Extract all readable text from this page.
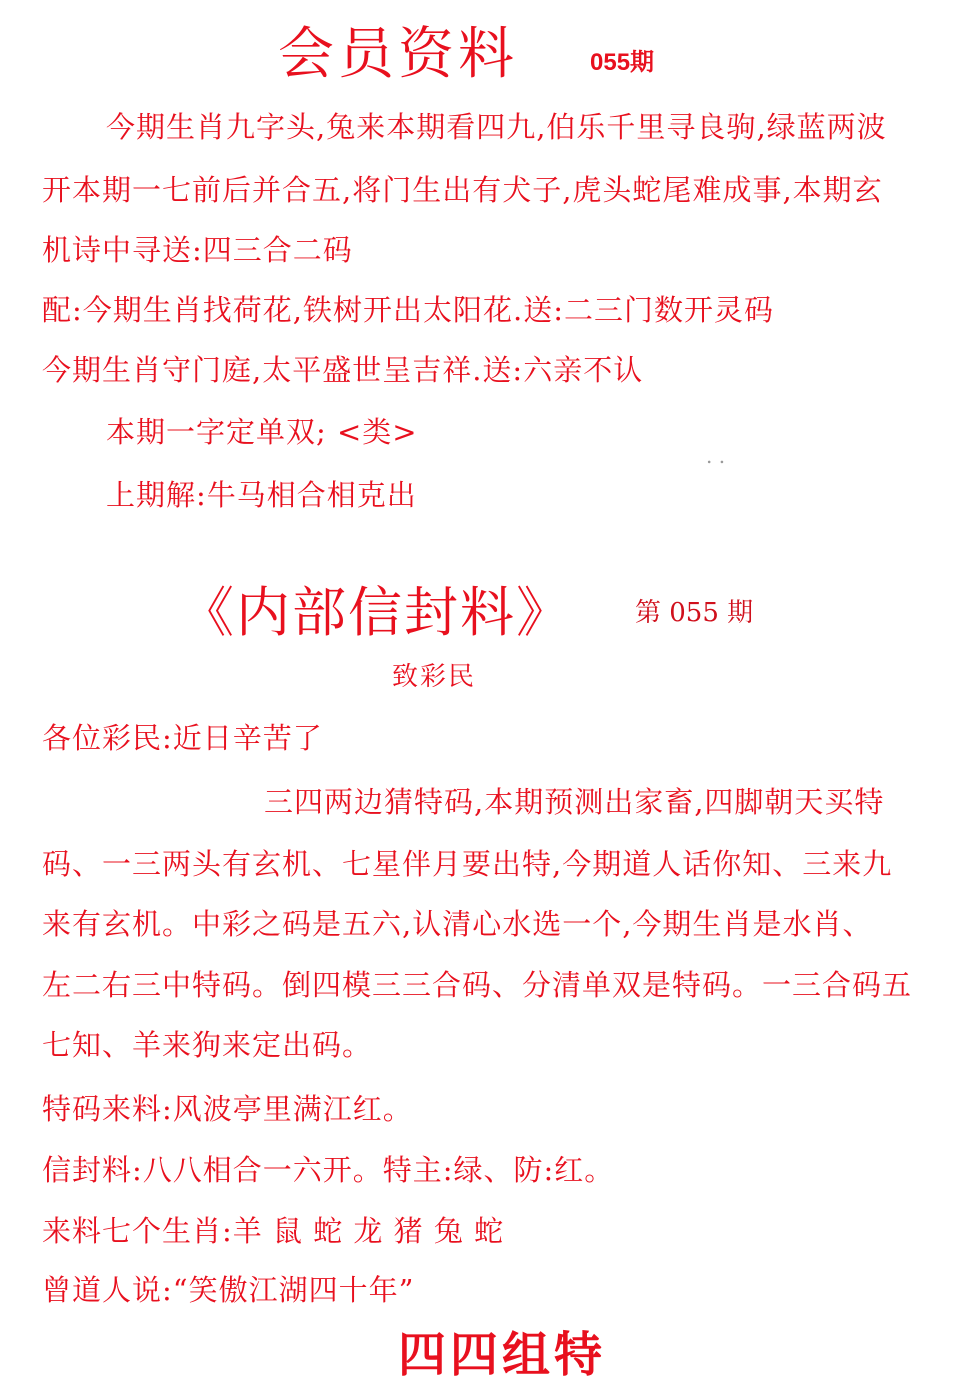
会员资料	055期
今期生肖九字头,兔来本期看四九,伯乐千里寻良驹,绿蓝两波
开本期一七前后并合五,将门生出有犬子,虎头蛇尾难成事,本期玄
机诗中寻送:四三合二码
配:今期生肖找荷花,铁树开出太阳花.送:二三门数开灵码
今期生肖守门庭,太平盛世呈吉祥.送:六亲不认
本期一字定单双; <类>
. .
上期解:牛马相合相克出
《内部信封料》 第 055 期
致彩民
各位彩民:近日辛苦了
三四两边猜特码,本期预测出家畜,四脚朝天买特
码、一三两头有玄机、七星伴月要出特,今期道人话你知、三来九
来有玄机。中彩之码是五六,认清心水选一个,今期生肖是水肖、
左二右三中特码。倒四模三三合码、分清单双是特码。一三合码五
七知、羊来狗来定出码。
特码来料:风波亭里满江红。
信封料:八八相合一六开。特主:绿、防:红。
来料七个生肖:羊 鼠 蛇 龙 猪 兔 蛇
曾道人说:“笑傲江湖四十年”
四四组特
